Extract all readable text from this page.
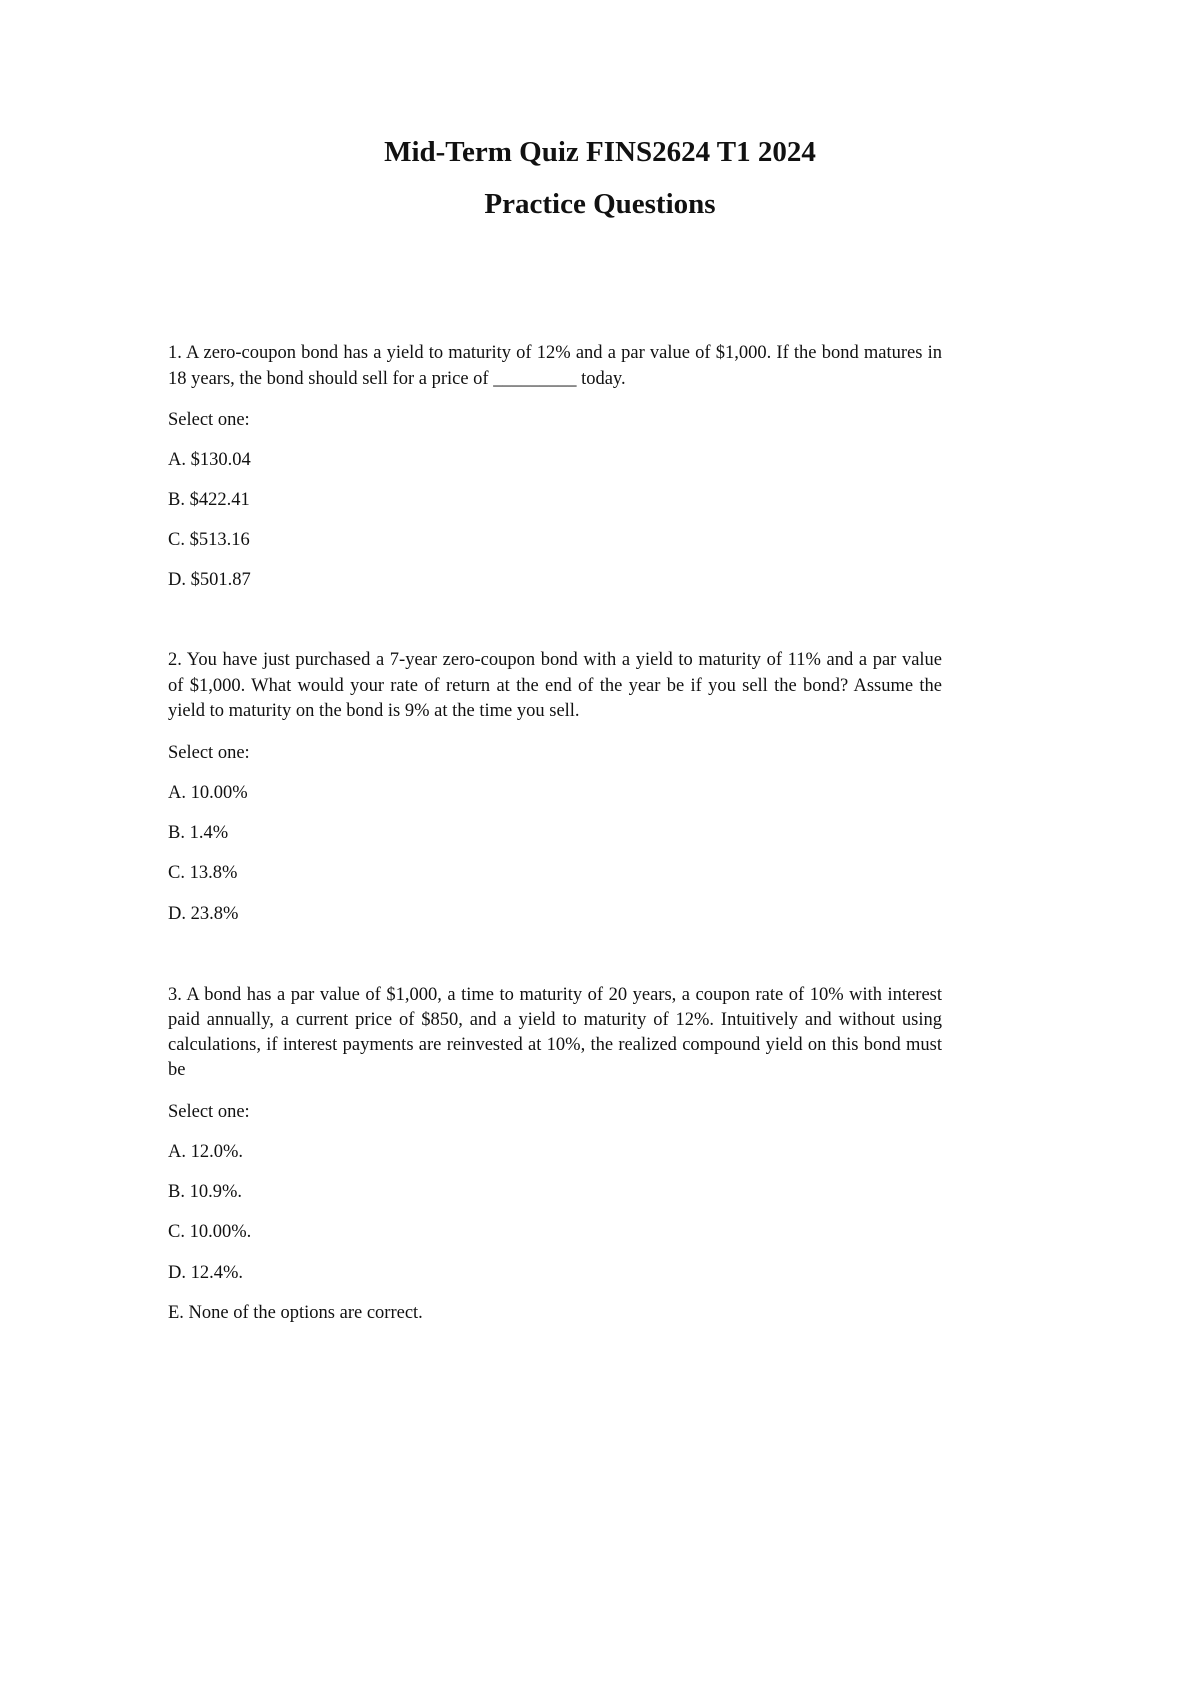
Mid-Term Quiz FINS2624 T1 2024
Practice Questions
1. A zero-coupon bond has a yield to maturity of 12% and a par value of $1,000. If the bond matures in 18 years, the bond should sell for a price of _________ today.
Select one:
A. $130.04
B. $422.41
C. $513.16
D. $501.87
2. You have just purchased a 7-year zero-coupon bond with a yield to maturity of 11% and a par value of $1,000. What would your rate of return at the end of the year be if you sell the bond? Assume the yield to maturity on the bond is 9% at the time you sell.
Select one:
A. 10.00%
B. 1.4%
C. 13.8%
D. 23.8%
3. A bond has a par value of $1,000, a time to maturity of 20 years, a coupon rate of 10% with interest paid annually, a current price of $850, and a yield to maturity of 12%. Intuitively and without using calculations, if interest payments are reinvested at 10%, the realized compound yield on this bond must be
Select one:
A. 12.0%.
B. 10.9%.
C. 10.00%.
D. 12.4%.
E. None of the options are correct.
